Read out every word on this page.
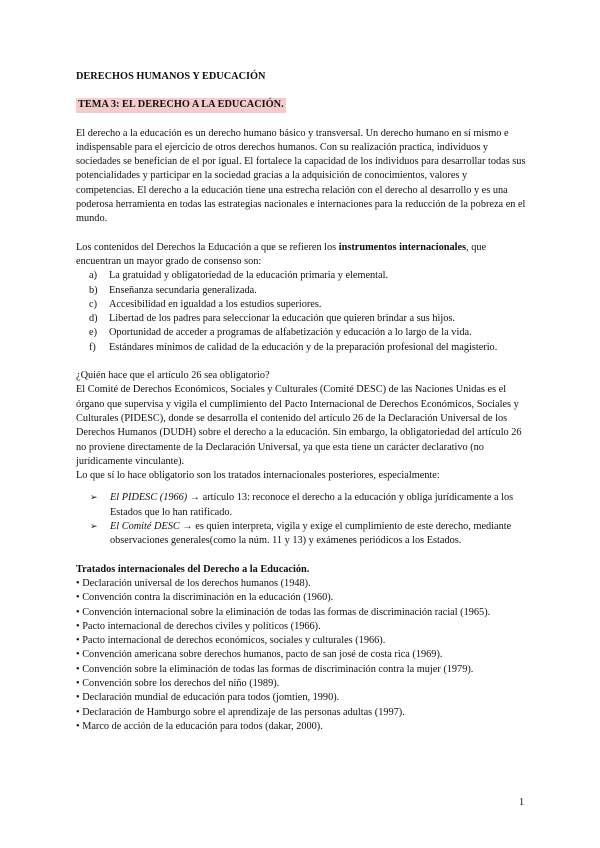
DERECHOS HUMANOS Y EDUCACIÓN
TEMA 3: EL DERECHO A LA EDUCACIÓN.

El derecho a la educación es un derecho humano básico y transversal. Un derecho humano en sí mismo e indispensable para el ejercicio de otros derechos humanos. Con su realización practica, individuos y sociedades se benefician de el por igual. El fortalece la capacidad de los individuos para desarrollar todas sus potencialidades y participar en la sociedad gracias a la adquisición de conocimientos, valores y competencias. El derecho a la educación tiene una estrecha relación con el derecho al desarrollo y es una poderosa herramienta en todas las estrategias nacionales e internaciones para la reducción de la pobreza en el mundo.

Los contenidos del Derechos la Educación a que se refieren los instrumentos internacionales, que encuentran un mayor grado de consenso son:

a) La gratuidad y obligatoriedad de la educación primaria y elemental.
b) Enseñanza secundaria generalizada.
c) Accesibilidad en igualdad a los estudios superiores.
d) Libertad de los padres para seleccionar la educación que quieren brindar a sus hijos.
e) Oportunidad de acceder a programas de alfabetización y educación a lo largo de la vida.
f) Estándares mínimos de calidad de la educación y de la preparación profesional del magisterio.

¿Quién hace que el artículo 26 sea obligatorio?

El Comité de Derechos Económicos, Sociales y Culturales (Comité DESC) de las Naciones Unidas es el órgano que supervisa y vigila el cumplimiento del Pacto Internacional de Derechos Económicos, Sociales y Culturales (PIDESC), donde se desarrolla el contenido del artículo 26 de la Declaración Universal de los Derechos Humanos (DUDH) sobre el derecho a la educación. Sin embargo, la obligatoriedad del artículo 26 no proviene directamente de la Declaración Universal, ya que esta tiene un carácter declarativo (no jurídicamente vinculante).

Lo que sí lo hace obligatorio son los tratados internacionales posteriores, especialmente:

➢ El PIDESC (1966) → artículo 13: reconoce el derecho a la educación y obliga jurídicamente a los Estados que lo han ratificado.
➢ El Comité DESC → es quien interpreta, vigila y exige el cumplimiento de este derecho, mediante observaciones generales(como la núm. 11 y 13) y exámenes periódicos a los Estados.

Tratados internacionales del Derecho a la Educación.

• Declaración universal de los derechos humanos (1948).
• Convención contra la discriminación en la educación (1960).
• Convención internacional sobre la eliminación de todas las formas de discriminación racial (1965).
• Pacto internacional de derechos civiles y políticos (1966).
• Pacto internacional de derechos económicos, sociales y culturales (1966).
• Convención americana sobre derechos humanos, pacto de san josé de costa rica (1969).
• Convención sobre la eliminación de todas las formas de discriminación contra la mujer (1979).
• Convención sobre los derechos del niño (1989).
• Declaración mundial de educación para todos (jomtien, 1990).
• Declaración de Hamburgo sobre el aprendizaje de las personas adultas (1997).
• Marco de acción de la educación para todos (dakar, 2000).
1
